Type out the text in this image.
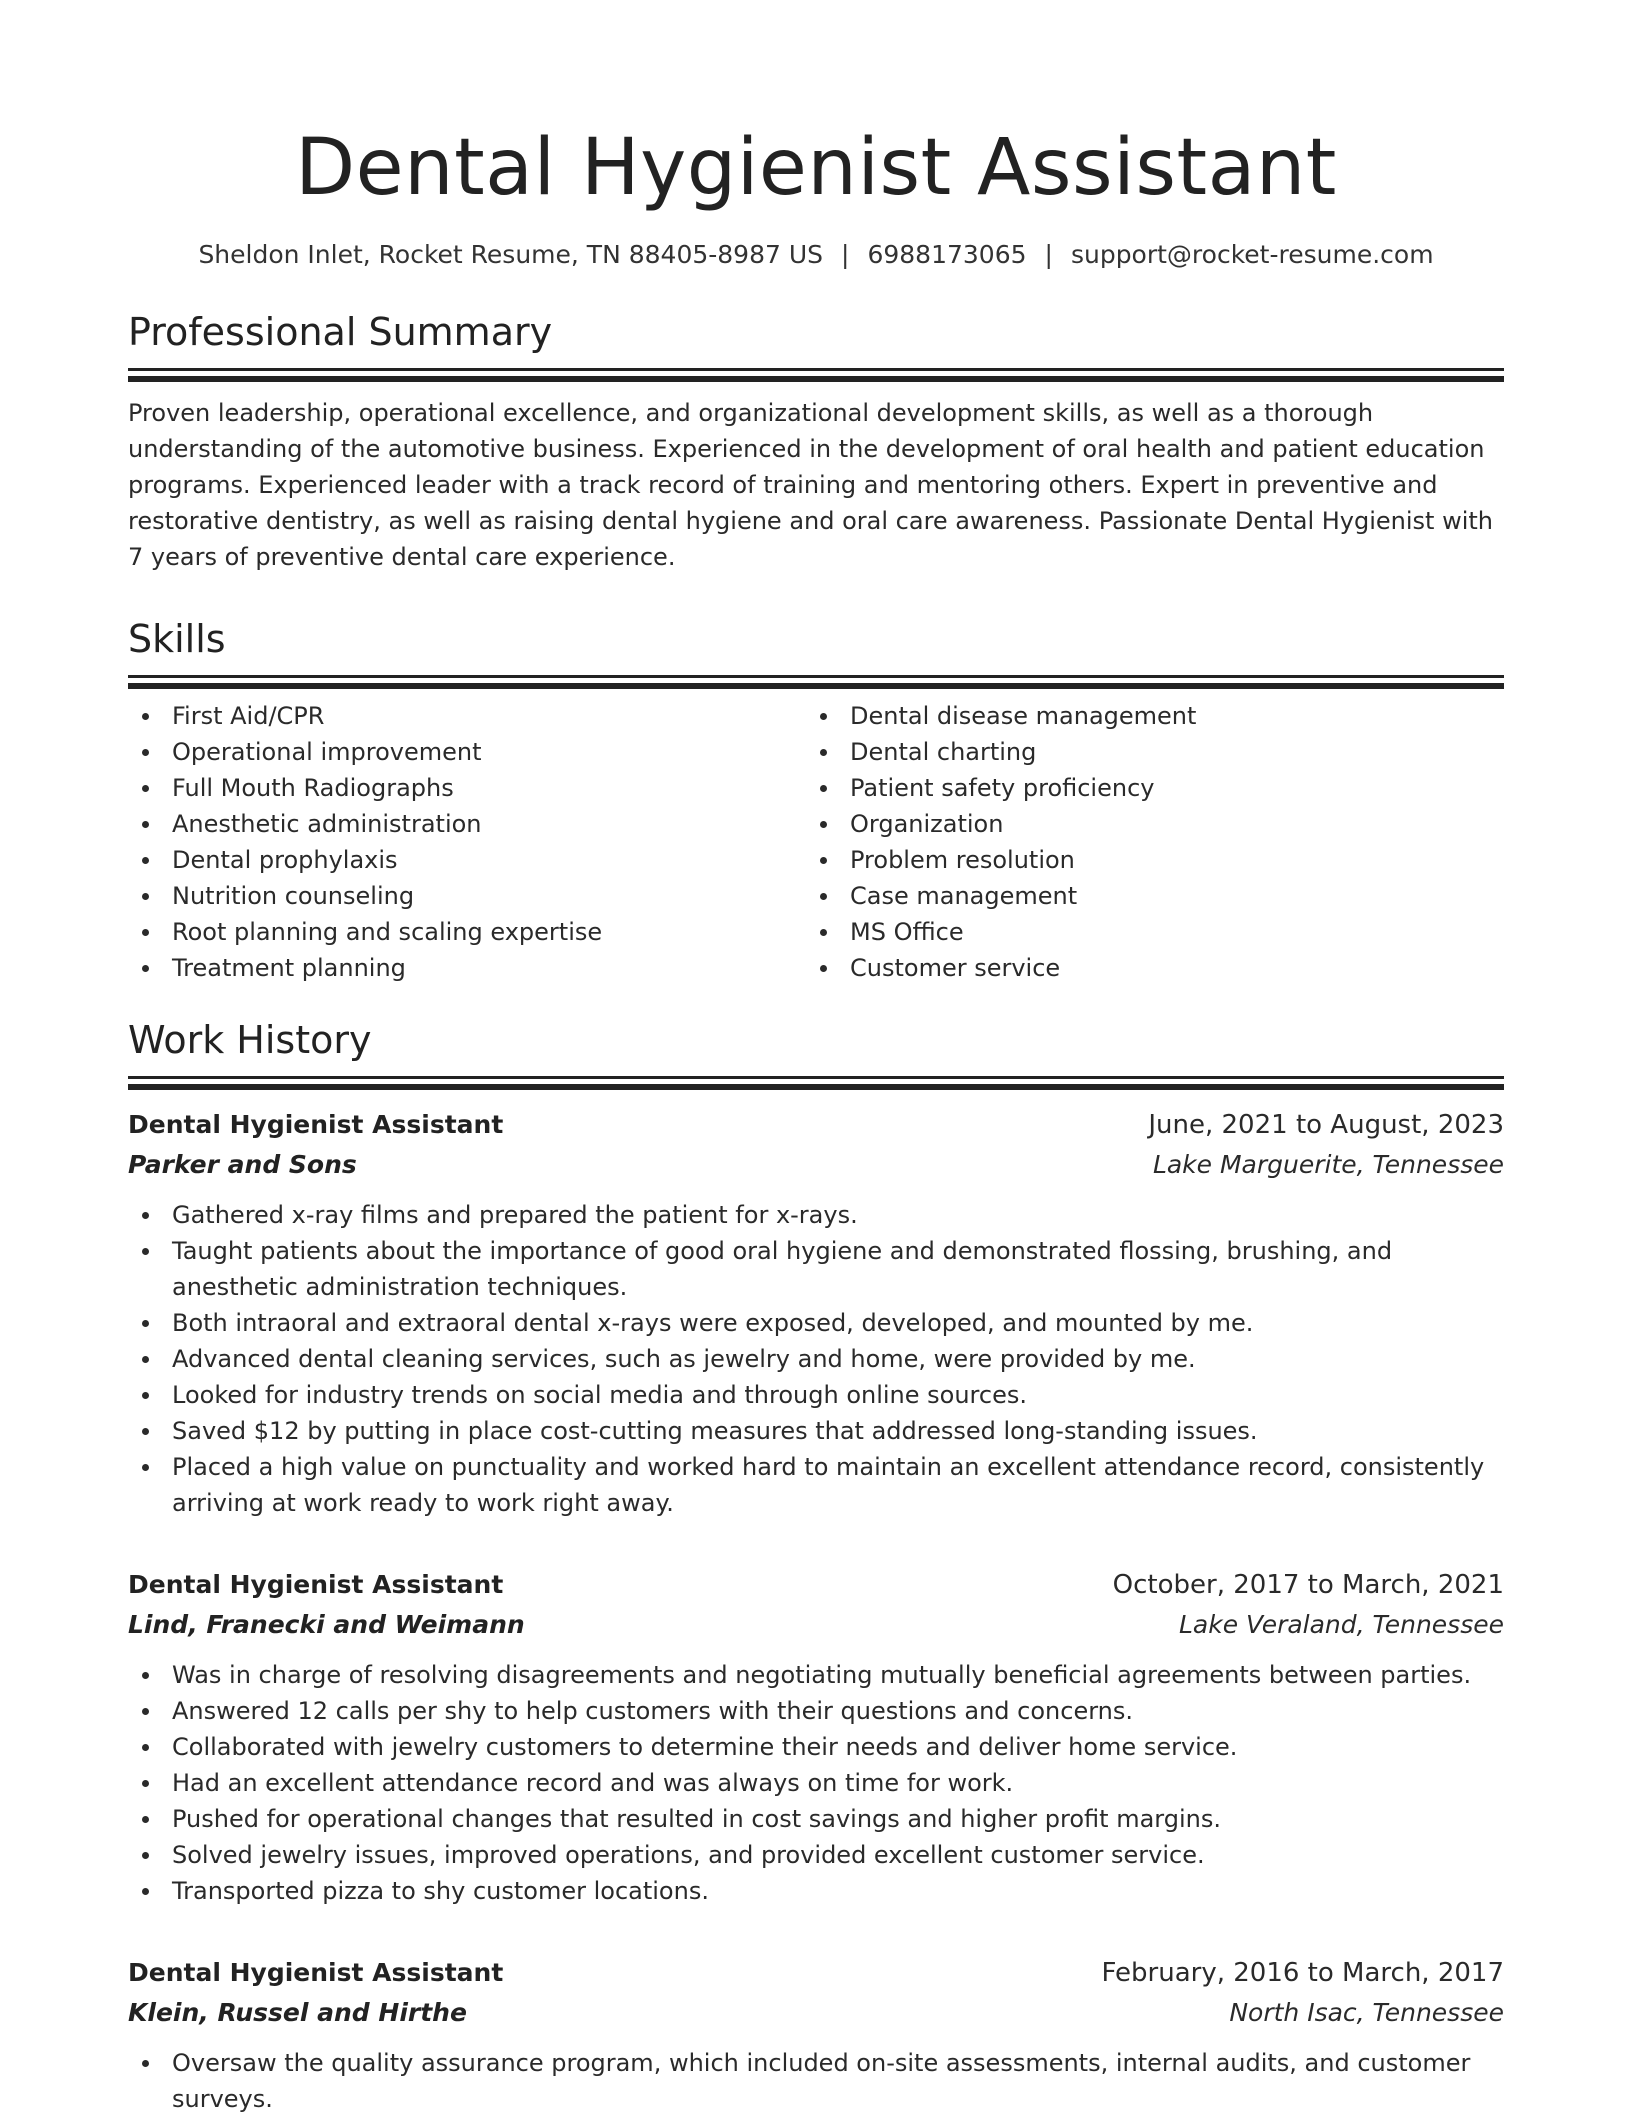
Dental Hygienist Assistant
Sheldon Inlet, Rocket Resume, TN 88405-8987 US | 6988173065 | support@rocket-resume.com
Professional Summary

Proven leadership, operational excellence, and organizational development skills, as well as a thorough understanding of the automotive business. Experienced in the development of oral health and patient education programs. Experienced leader with a track record of training and mentoring others. Expert in preventive and restorative dentistry, as well as raising dental hygiene and oral care awareness. Passionate Dental Hygienist with 7 years of preventive dental care experience.

Skills
First Aid/CPR
Operational improvement
Full Mouth Radiographs
Anesthetic administration
Dental prophylaxis
Nutrition counseling
Root planning and scaling expertise
Treatment planning
Dental disease management
Dental charting
Patient safety proficiency
Organization
Problem resolution
Case management
MS Office
Customer service
Work History
Dental Hygienist Assistant	June, 2021 to August, 2023
Parker and Sons	Lake Marguerite, Tennessee
Gathered x-ray films and prepared the patient for x-rays.
Taught patients about the importance of good oral hygiene and demonstrated flossing, brushing, and anesthetic administration techniques.
Both intraoral and extraoral dental x-rays were exposed, developed, and mounted by me.
Advanced dental cleaning services, such as jewelry and home, were provided by me.
Looked for industry trends on social media and through online sources.
Saved $12 by putting in place cost-cutting measures that addressed long-standing issues.
Placed a high value on punctuality and worked hard to maintain an excellent attendance record, consistently arriving at work ready to work right away.
Dental Hygienist Assistant	October, 2017 to March, 2021
Lind, Franecki and Weimann	Lake Veraland, Tennessee
Was in charge of resolving disagreements and negotiating mutually beneficial agreements between parties.
Answered 12 calls per shy to help customers with their questions and concerns.
Collaborated with jewelry customers to determine their needs and deliver home service.
Had an excellent attendance record and was always on time for work.
Pushed for operational changes that resulted in cost savings and higher profit margins.
Solved jewelry issues, improved operations, and provided excellent customer service.
Transported pizza to shy customer locations.
Dental Hygienist Assistant	February, 2016 to March, 2017
Klein, Russel and Hirthe	North Isac, Tennessee
Oversaw the quality assurance program, which included on-site assessments, internal audits, and customer surveys.
